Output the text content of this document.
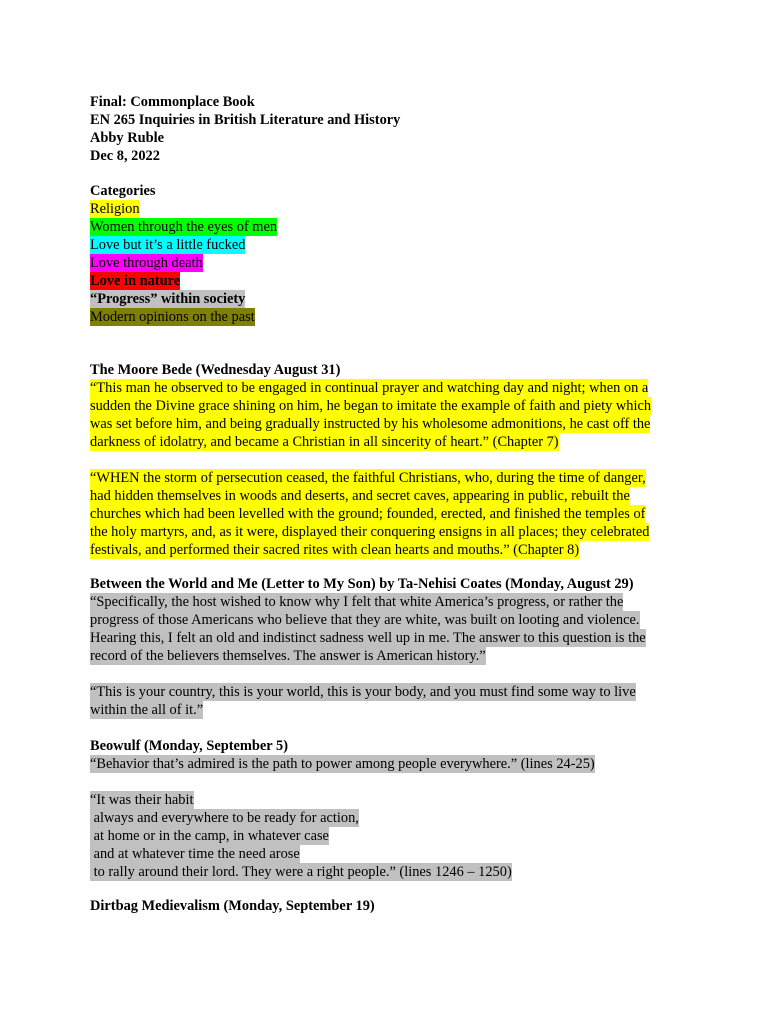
Final: Commonplace Book
EN 265 Inquiries in British Literature and History
Abby Ruble
Dec 8, 2022
Categories
Religion
Women through the eyes of men
Love but it’s a little fucked
Love through death
Love in nature
“Progress” within society
Modern opinions on the past
The Moore Bede (Wednesday August 31)
“This man he observed to be engaged in continual prayer and watching day and night; when on a
sudden the Divine grace shining on him, he began to imitate the example of faith and piety which
was set before him, and being gradually instructed by his wholesome admonitions, he cast off the
darkness of idolatry, and became a Christian in all sincerity of heart.” (Chapter 7)
“WHEN the storm of persecution ceased, the faithful Christians, who, during the time of danger,
had hidden themselves in woods and deserts, and secret caves, appearing in public, rebuilt the
churches which had been levelled with the ground; founded, erected, and finished the temples of
the holy martyrs, and, as it were, displayed their conquering ensigns in all places; they celebrated
festivals, and performed their sacred rites with clean hearts and mouths.” (Chapter 8)
Between the World and Me (Letter to My Son) by Ta-Nehisi Coates (Monday, August 29)
“Specifically, the host wished to know why I felt that white America’s progress, or rather the
progress of those Americans who believe that they are white, was built on looting and violence.
Hearing this, I felt an old and indistinct sadness well up in me. The answer to this question is the
record of the believers themselves. The answer is American history.”
“This is your country, this is your world, this is your body, and you must find some way to live
within the all of it.”
Beowulf (Monday, September 5)
“Behavior that’s admired is the path to power among people everywhere.” (lines 24-25)
“It was their habit
always and everywhere to be ready for action,
at home or in the camp, in whatever case
and at whatever time the need arose
to rally around their lord. They were a right people.” (lines 1246 – 1250)
Dirtbag Medievalism (Monday, September 19)
